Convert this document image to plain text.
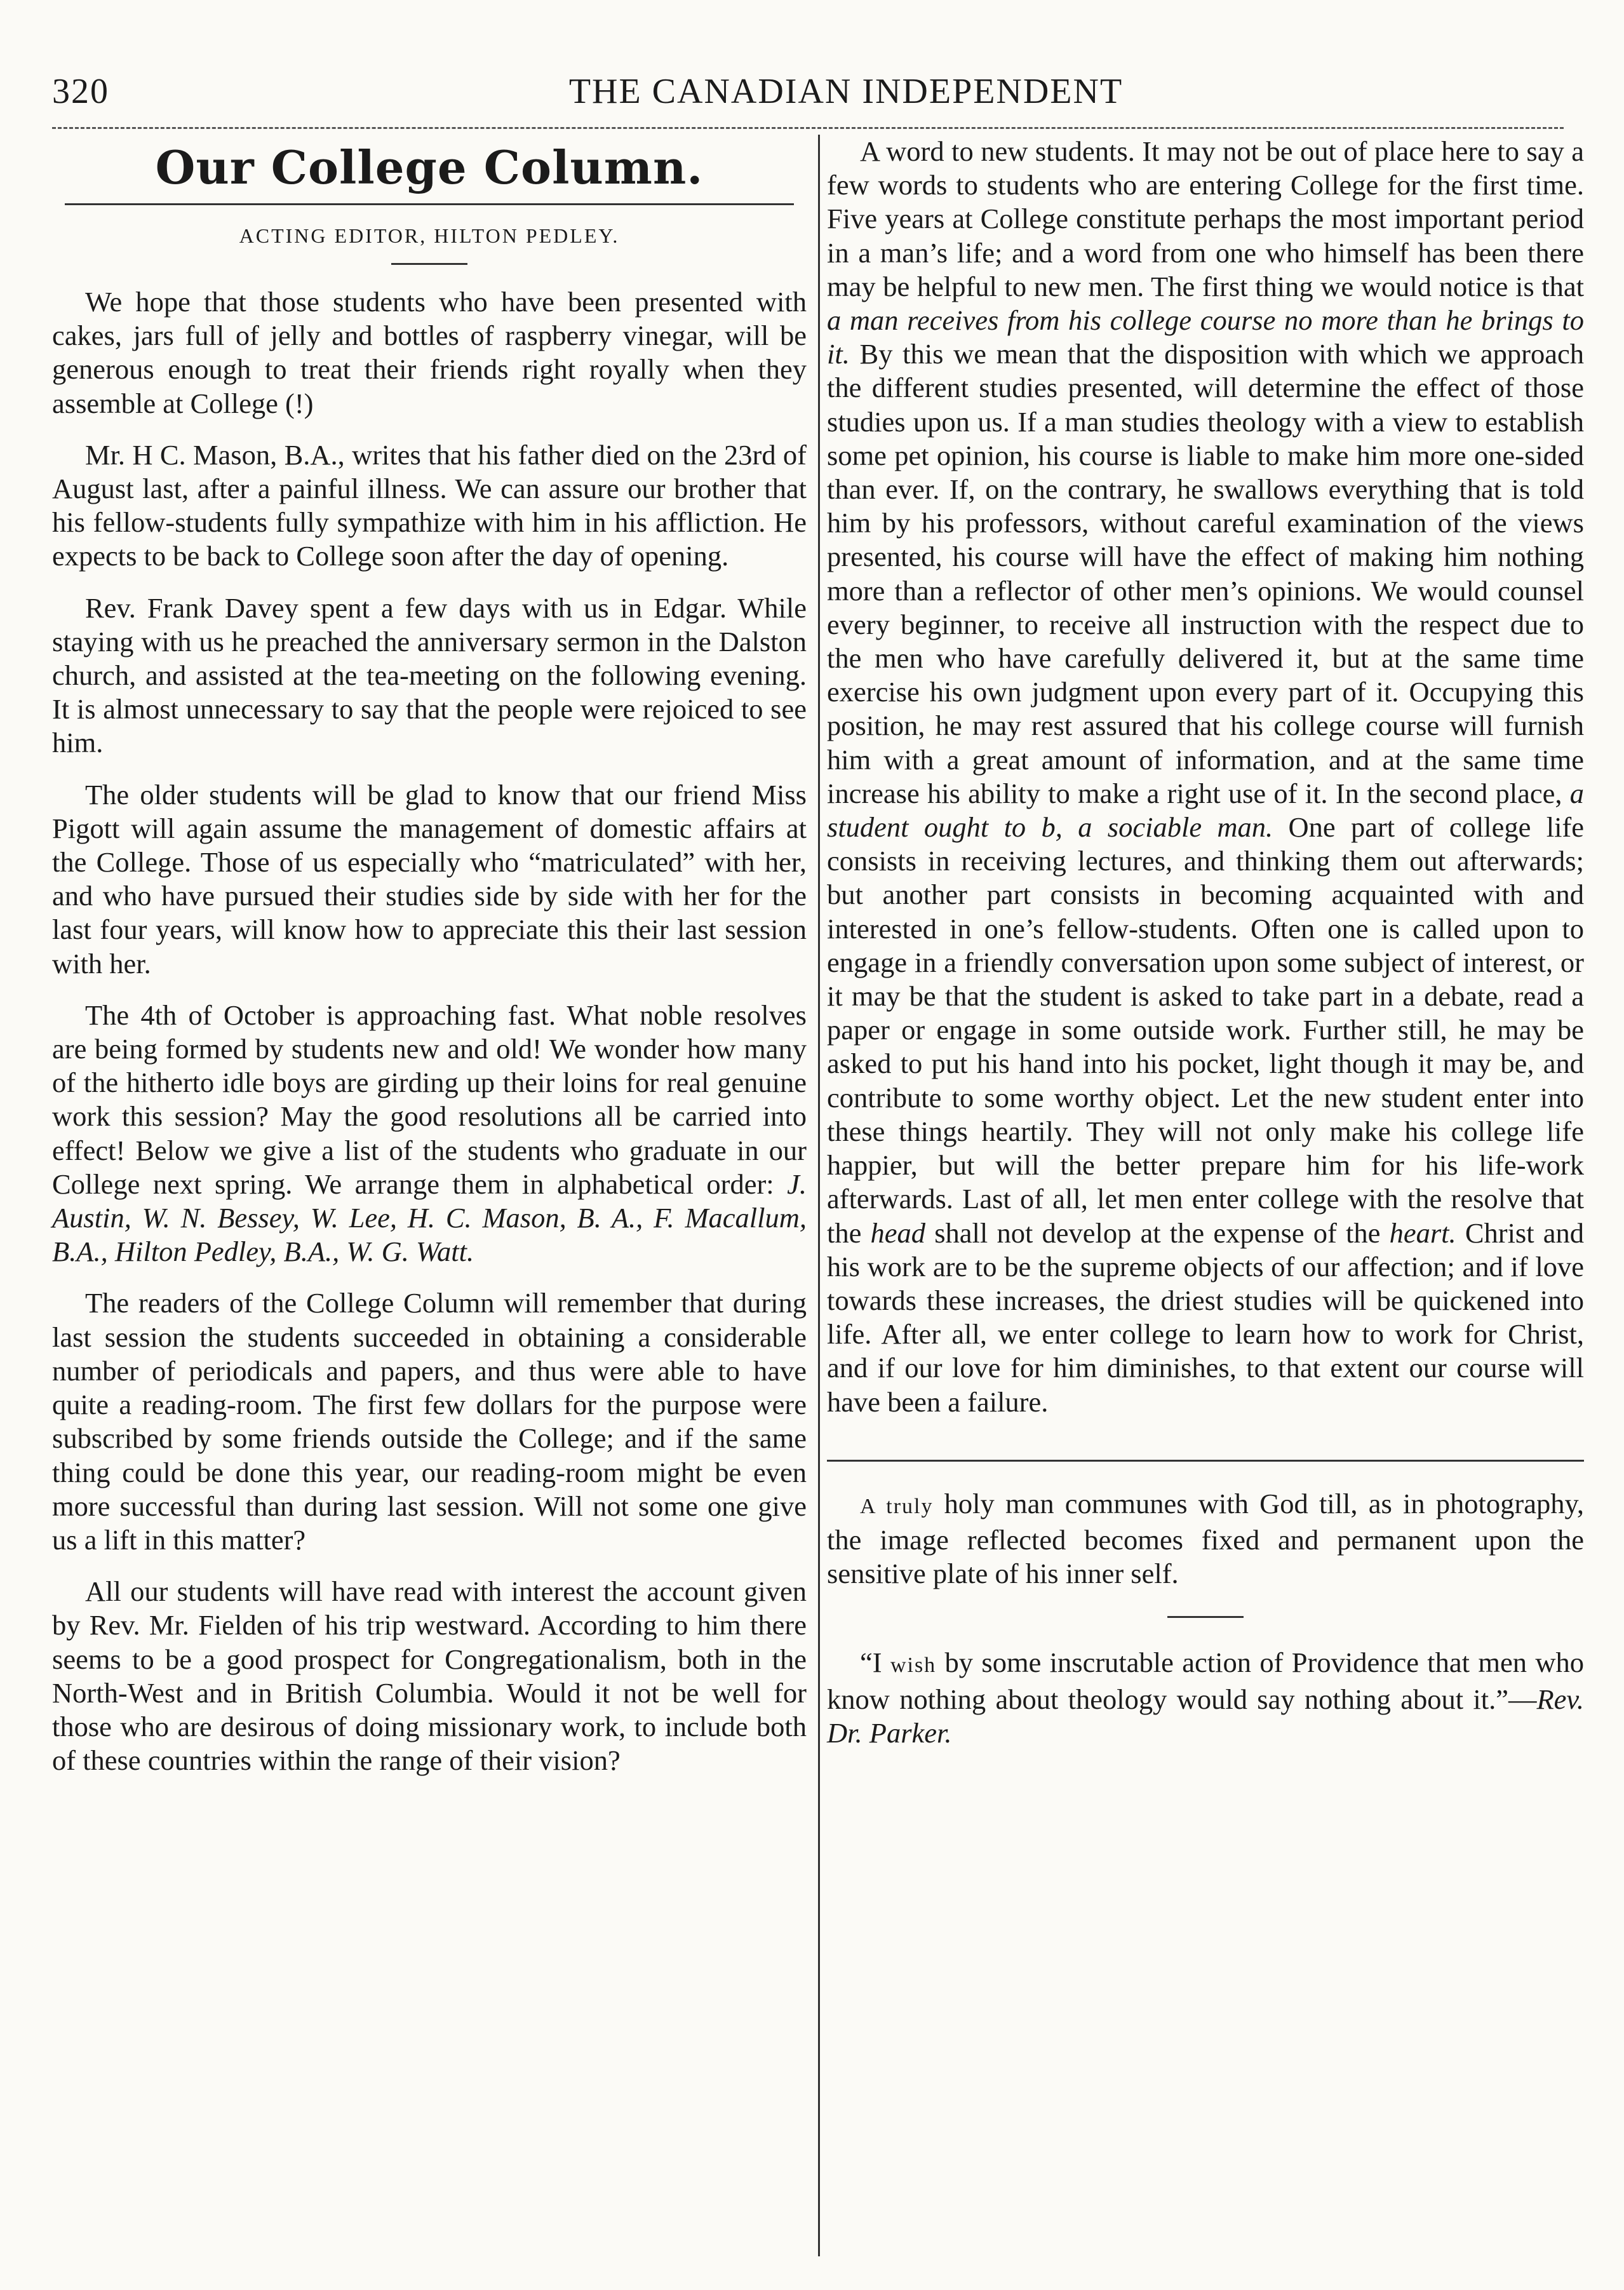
320	THE CANADIAN INDEPENDENT
Our College Column.

ACTING EDITOR, HILTON PEDLEY.

We hope that those students who have been presented with cakes, jars full of jelly and bottles of raspberry vinegar, will be generous enough to treat their friends right royally when they assemble at College (!)

Mr. H C. Mason, B.A., writes that his father died on the 23rd of August last, after a painful illness. We can assure our brother that his fellow-students fully sympathize with him in his affliction. He expects to be back to College soon after the day of opening.

Rev. Frank Davey spent a few days with us in Edgar. While staying with us he preached the anniversary sermon in the Dalston church, and assisted at the tea-meeting on the following evening. It is almost unnecessary to say that the people were rejoiced to see him.

The older students will be glad to know that our friend Miss Pigott will again assume the management of domestic affairs at the College. Those of us especially who “matriculated” with her, and who have pursued their studies side by side with her for the last four years, will know how to appreciate this their last session with her.

The 4th of October is approaching fast. What noble resolves are being formed by students new and old! We wonder how many of the hitherto idle boys are girding up their loins for real genuine work this session? May the good resolutions all be carried into effect! Below we give a list of the students who graduate in our College next spring. We arrange them in alphabetical order: J. Austin, W. N. Bessey, W. Lee, H. C. Mason, B. A., F. Macallum, B.A., Hilton Pedley, B.A., W. G. Watt.

The readers of the College Column will remember that during last session the students succeeded in obtaining a considerable number of periodicals and papers, and thus were able to have quite a reading-room. The first few dollars for the purpose were subscribed by some friends outside the College; and if the same thing could be done this year, our reading-room might be even more successful than during last session. Will not some one give us a lift in this matter?

All our students will have read with interest the account given by Rev. Mr. Fielden of his trip westward. According to him there seems to be a good prospect for Congregationalism, both in the North-West and in British Columbia. Would it not be well for those who are desirous of doing missionary work, to include both of these countries within the range of their vision?

A word to new students. It may not be out of place here to say a few words to students who are entering College for the first time. Five years at College constitute perhaps the most important period in a man’s life; and a word from one who himself has been there may be helpful to new men. The first thing we would notice is that a man receives from his college course no more than he brings to it. By this we mean that the disposition with which we approach the different studies presented, will determine the effect of those studies upon us. If a man studies theology with a view to establish some pet opinion, his course is liable to make him more one-sided than ever. If, on the contrary, he swallows everything that is told him by his professors, without careful examination of the views presented, his course will have the effect of making him nothing more than a reflector of other men’s opinions. We would counsel every beginner, to receive all instruction with the respect due to the men who have carefully delivered it, but at the same time exercise his own judgment upon every part of it. Occupying this position, he may rest assured that his college course will furnish him with a great amount of information, and at the same time increase his ability to make a right use of it. In the second place, a student ought to b, a sociable man. One part of college life consists in receiving lectures, and thinking them out afterwards; but another part consists in becoming acquainted with and interested in one’s fellow-students. Often one is called upon to engage in a friendly conversation upon some subject of interest, or it may be that the student is asked to take part in a debate, read a paper or engage in some outside work. Further still, he may be asked to put his hand into his pocket, light though it may be, and contribute to some worthy object. Let the new student enter into these things heartily. They will not only make his college life happier, but will the better prepare him for his life-work afterwards. Last of all, let men enter college with the resolve that the head shall not develop at the expense of the heart. Christ and his work are to be the supreme objects of our affection; and if love towards these increases, the driest studies will be quickened into life. After all, we enter college to learn how to work for Christ, and if our love for him diminishes, to that extent our course will have been a failure.

A truly holy man communes with God till, as in photography, the image reflected becomes fixed and permanent upon the sensitive plate of his inner self.

“I wish by some inscrutable action of Providence that men who know nothing about theology would say nothing about it.”—Rev. Dr. Parker.
